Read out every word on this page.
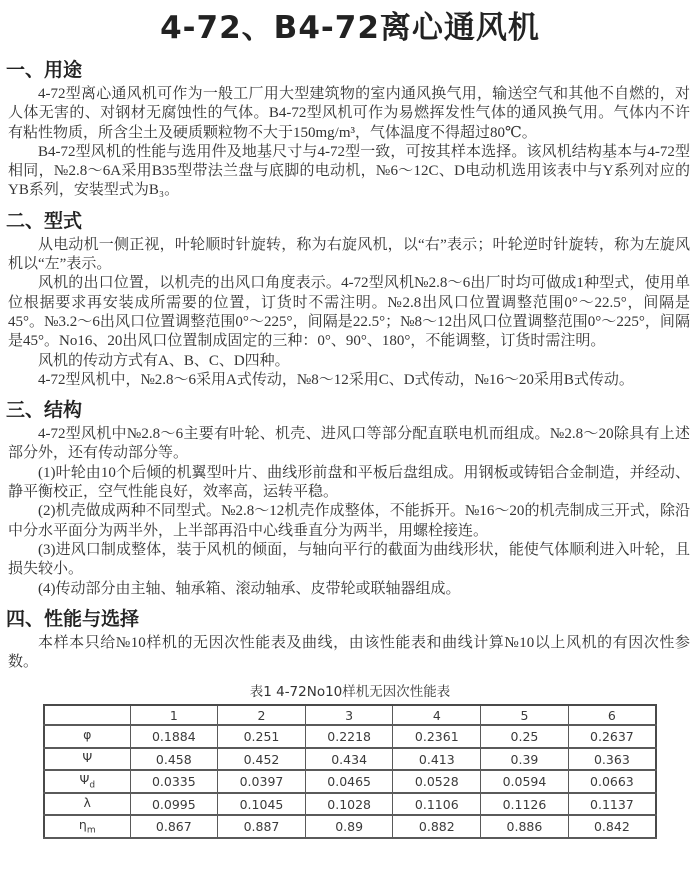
4-72、B4-72离心通风机
一、用途

4-72型离心通风机可作为一般工厂用大型建筑物的室内通风换气用，输送空气和其他不自燃的，对人体无害的、对钢材无腐蚀性的气体。B4-72型风机可作为易燃挥发性气体的通风换气用。气体内不许有粘性物质，所含尘土及硬质颗粒物不大于150mg/m³，气体温度不得超过80℃。

B4-72型风机的性能与选用件及地基尺寸与4-72型一致，可按其样本选择。该风机结构基本与4-72型相同，№2.8～6A采用B35型带法兰盘与底脚的电动机，№6～12C、D电动机选用该表中与Y系列对应的YB系列，安装型式为B₃。

二、型式

从电动机一侧正视，叶轮顺时针旋转，称为右旋风机，以“右”表示；叶轮逆时针旋转，称为左旋风机以“左”表示。

风机的出口位置，以机壳的出风口角度表示。4-72型风机№2.8～6出厂时均可做成1种型式，使用单位根据要求再安装成所需要的位置，订货时不需注明。№2.8出风口位置调整范围0°～22.5°，间隔是45°。№3.2～6出风口位置调整范围0°～225°，间隔是22.5°；№8～12出风口位置调整范围0°～225°，间隔是45°。No16、20出风口位置制成固定的三种：0°、90°、180°，不能调整，订货时需注明。

风机的传动方式有A、B、C、D四种。

4-72型风机中，№2.8～6采用A式传动，№8～12采用C、D式传动，№16～20采用B式传动。

三、结构

4-72型风机中№2.8～6主要有叶轮、机壳、进风口等部分配直联电机而组成。№2.8～20除具有上述部分外，还有传动部分等。

(1)叶轮由10个后倾的机翼型叶片、曲线形前盘和平板后盘组成。用钢板或铸铝合金制造，并经动、静平衡校正，空气性能良好，效率高，运转平稳。

(2)机壳做成两种不同型式。№2.8～12机壳作成整体，不能拆开。№16～20的机壳制成三开式，除沿中分水平面分为两半外，上半部再沿中心线垂直分为两半，用螺栓接连。

(3)进风口制成整体，装于风机的倾面，与轴向平行的截面为曲线形状，能使气体顺利进入叶轮，且损失较小。

(4)传动部分由主轴、轴承箱、滚动轴承、皮带轮或联轴器组成。

四、性能与选择

本样本只给№10样机的无因次性能表及曲线，由该性能表和曲线计算№10以上风机的有因次性参数。

表1 4-72No10样机无因次性能表
	1	2	3	4	5	6
φ	0.1884	0.251	0.2218	0.2361	0.25	0.2637
Ψ	0.458	0.452	0.434	0.413	0.39	0.363
$\Psi_d$	0.0335	0.0397	0.0465	0.0528	0.0594	0.0663
λ	0.0995	0.1045	0.1028	0.1106	0.1126	0.1137
$\eta_m$	0.867	0.887	0.89	0.882	0.886	0.842
